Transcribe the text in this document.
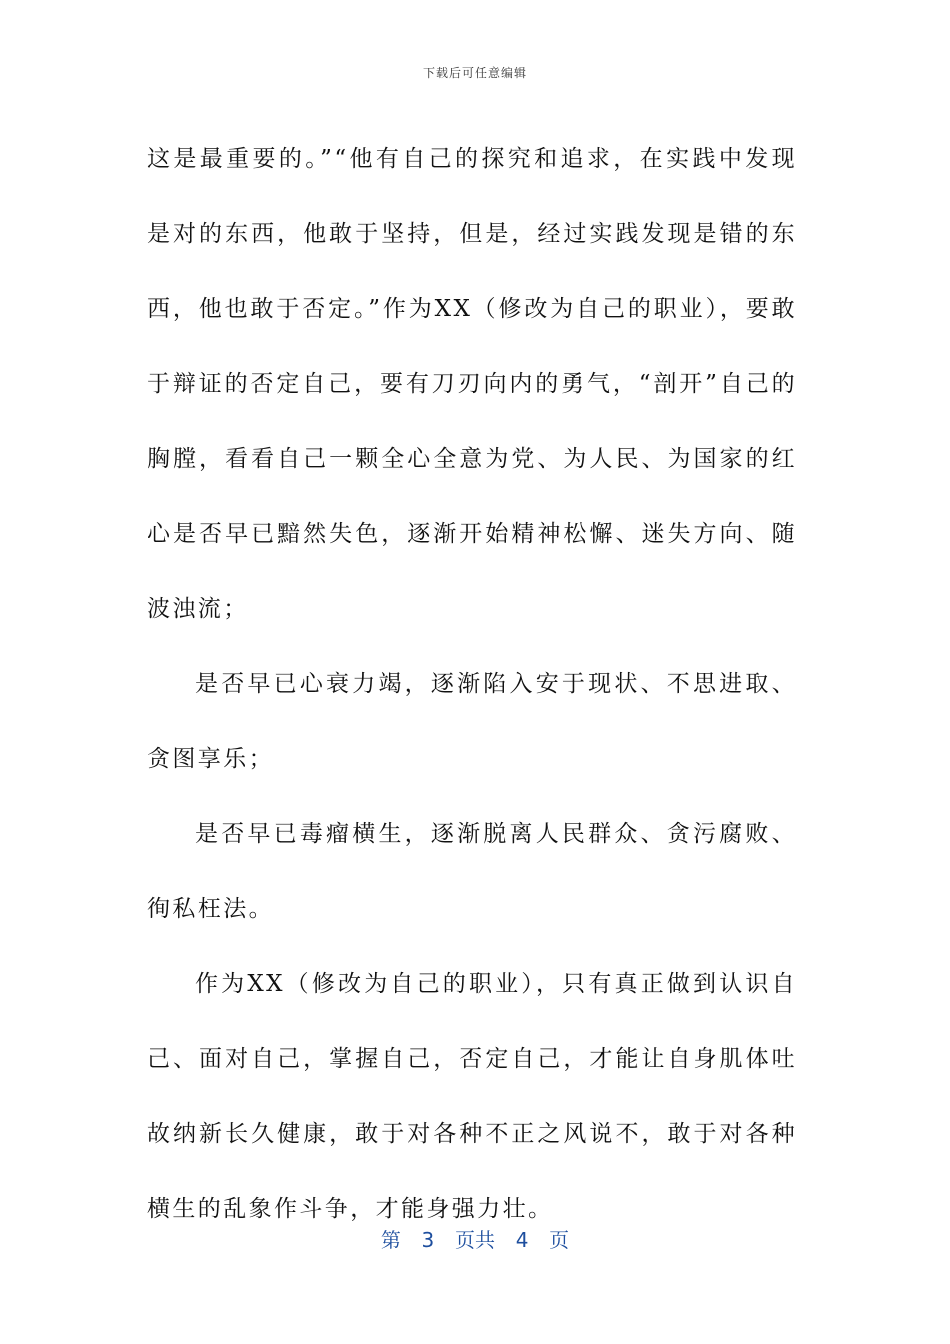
下载后可任意编辑

这是最重要的。”“他有自己的探究和追求，在实践中发现是对的东西，他敢于坚持，但是，经过实践发现是错的东西，他也敢于否定。”作为XX（修改为自己的职业），要敢于辩证的否定自己，要有刀刃向内的勇气，“剖开”自己的胸膛，看看自己一颗全心全意为党、为人民、为国家的红心是否早已黯然失色，逐渐开始精神松懈、迷失方向、随波浊流；

是否早已心衰力竭，逐渐陷入安于现状、不思进取、贪图享乐；

是否早已毒瘤横生，逐渐脱离人民群众、贪污腐败、徇私枉法。

作为XX（修改为自己的职业），只有真正做到认识自己、面对自己，掌握自己，否定自己，才能让自身肌体吐故纳新长久健康，敢于对各种不正之风说不，敢于对各种横生的乱象作斗争，才能身强力壮。

第  3  页共  4  页
